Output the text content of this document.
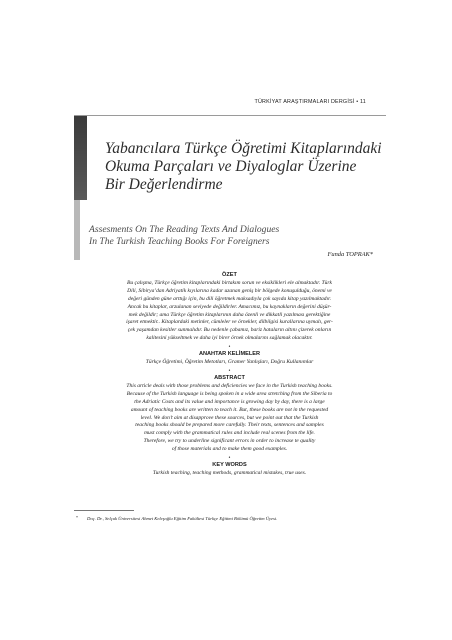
TÜRKİYAT ARAŞTIRMALARI DERGİSİ • 11
Yabancılara Türkçe Öğretimi Kitaplarındaki
Okuma Parçaları ve Diyaloglar Üzerine
Bir Değerlendirme
Assesments On The Reading Texts And Dialogues
In The Turkish Teaching Books For Foreigners
Funda TOPRAK*
ÖZET
Bu çalışma, Türkçe öğretim kitaplarındaki birtakım sorun ve eksiklikleri ele almaktadır. Türk
Dili, Sibirya’dan Adriyatik kıyılarına kadar uzanan geniş bir bölgede konuşulduğu, önemi ve
değeri günden güne arttığı için, bu dili öğretmek maksadıyla çok sayıda kitap yazılmaktadır.
Ancak bu kitaplar, arzulanan seviyede değildirler. Amacımız, bu kaynakların değerini düşür-
mek değildir; ama Türkçe öğretim kitaplarının daha özenli ve dikkatli yazılması gerektiğine
işaret etmektir.. Kitaplardaki metinler, cümleler ve örnekler, dilbilgisi kurallarına uymalı, ger-
çek yaşamdan kesitler sunmalıdır. Bu nedenle çabamız, bariz hataların altını çizerek onların
kalitesini yükseltmek ve daha iyi birer örnek olmalarını sağlamak olacaktır.
•
ANAHTAR KELİMELER
Türkçe Öğretimi, Öğretim Metotları, Gramer Yanlışları, Doğru Kullanımlar
•
ABSTRACT
This article deals with those problems and deficiencies we face in the Turkish teaching books.
Because of the Turkish language is being spoken in a wide area stretching from the Siberia to
the Adriatic Costs and its value and importance is growing day by day, there is a large
amount of teaching books are written to teach it. But, these books are not in the requested
level. We don’t aim at disapprove these sources, but we point out that the Turkish
teaching books should be prepared more carefully. Their texts, sentences and samples
must comply with the grammatical rules and include real scenes from the life.
Therefore, we try to underline significant errors in order to increase te quality
of those materials and to make them good examples.
•
KEY WORDS
Turkish teaching, teaching methods, grammatical mistakes, true uses.
* Doç. Dr., Selçuk Üniversitesi Ahmet Keleşoğlu Eğitim Fakültesi Türkçe Eğitimi Bölümü Öğretim Üyesi.
